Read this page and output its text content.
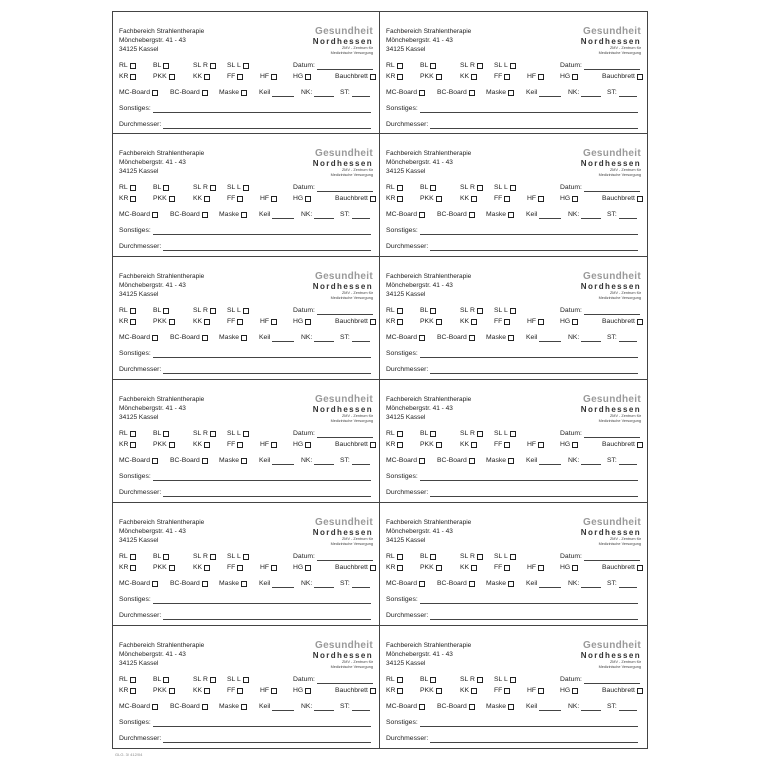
Fachbereich Strahlentherapie
Mönchebergstr. 41 - 43
34125 Kassel
Gesundheit
Nordhessen
ZMV - Zentrum für
Medizinische Versorgung
RL	BL	SL R	SL L	Datum:
KR	PKK	KK	FF	HF	HG	Bauchbrett
MC-Board	BC-Board	Maske	Keil	NK:	ST:
Sonstiges:
Durchmesser:
Fachbereich Strahlentherapie
Mönchebergstr. 41 - 43
34125 Kassel
Gesundheit
Nordhessen
ZMV - Zentrum für
Medizinische Versorgung
RL	BL	SL R	SL L	Datum:
KR	PKK	KK	FF	HF	HG	Bauchbrett
MC-Board	BC-Board	Maske	Keil	NK:	ST:
Sonstiges:
Durchmesser:
Fachbereich Strahlentherapie
Mönchebergstr. 41 - 43
34125 Kassel
Gesundheit
Nordhessen
ZMV - Zentrum für
Medizinische Versorgung
RL	BL	SL R	SL L	Datum:
KR	PKK	KK	FF	HF	HG	Bauchbrett
MC-Board	BC-Board	Maske	Keil	NK:	ST:
Sonstiges:
Durchmesser:
Fachbereich Strahlentherapie
Mönchebergstr. 41 - 43
34125 Kassel
Gesundheit
Nordhessen
ZMV - Zentrum für
Medizinische Versorgung
RL	BL	SL R	SL L	Datum:
KR	PKK	KK	FF	HF	HG	Bauchbrett
MC-Board	BC-Board	Maske	Keil	NK:	ST:
Sonstiges:
Durchmesser:
Fachbereich Strahlentherapie
Mönchebergstr. 41 - 43
34125 Kassel
Gesundheit
Nordhessen
ZMV - Zentrum für
Medizinische Versorgung
RL	BL	SL R	SL L	Datum:
KR	PKK	KK	FF	HF	HG	Bauchbrett
MC-Board	BC-Board	Maske	Keil	NK:	ST:
Sonstiges:
Durchmesser:
Fachbereich Strahlentherapie
Mönchebergstr. 41 - 43
34125 Kassel
Gesundheit
Nordhessen
ZMV - Zentrum für
Medizinische Versorgung
RL	BL	SL R	SL L	Datum:
KR	PKK	KK	FF	HF	HG	Bauchbrett
MC-Board	BC-Board	Maske	Keil	NK:	ST:
Sonstiges:
Durchmesser:
Fachbereich Strahlentherapie
Mönchebergstr. 41 - 43
34125 Kassel
Gesundheit
Nordhessen
ZMV - Zentrum für
Medizinische Versorgung
RL	BL	SL R	SL L	Datum:
KR	PKK	KK	FF	HF	HG	Bauchbrett
MC-Board	BC-Board	Maske	Keil	NK:	ST:
Sonstiges:
Durchmesser:
Fachbereich Strahlentherapie
Mönchebergstr. 41 - 43
34125 Kassel
Gesundheit
Nordhessen
ZMV - Zentrum für
Medizinische Versorgung
RL	BL	SL R	SL L	Datum:
KR	PKK	KK	FF	HF	HG	Bauchbrett
MC-Board	BC-Board	Maske	Keil	NK:	ST:
Sonstiges:
Durchmesser:
Fachbereich Strahlentherapie
Mönchebergstr. 41 - 43
34125 Kassel
Gesundheit
Nordhessen
ZMV - Zentrum für
Medizinische Versorgung
RL	BL	SL R	SL L	Datum:
KR	PKK	KK	FF	HF	HG	Bauchbrett
MC-Board	BC-Board	Maske	Keil	NK:	ST:
Sonstiges:
Durchmesser:
Fachbereich Strahlentherapie
Mönchebergstr. 41 - 43
34125 Kassel
Gesundheit
Nordhessen
ZMV - Zentrum für
Medizinische Versorgung
RL	BL	SL R	SL L	Datum:
KR	PKK	KK	FF	HF	HG	Bauchbrett
MC-Board	BC-Board	Maske	Keil	NK:	ST:
Sonstiges:
Durchmesser:
Fachbereich Strahlentherapie
Mönchebergstr. 41 - 43
34125 Kassel
Gesundheit
Nordhessen
ZMV - Zentrum für
Medizinische Versorgung
RL	BL	SL R	SL L	Datum:
KR	PKK	KK	FF	HF	HG	Bauchbrett
MC-Board	BC-Board	Maske	Keil	NK:	ST:
Sonstiges:
Durchmesser:
Fachbereich Strahlentherapie
Mönchebergstr. 41 - 43
34125 Kassel
Gesundheit
Nordhessen
ZMV - Zentrum für
Medizinische Versorgung
RL	BL	SL R	SL L	Datum:
KR	PKK	KK	FF	HF	HG	Bauchbrett
MC-Board	BC-Board	Maske	Keil	NK:	ST:
Sonstiges:
Durchmesser:
GLG. 3/ 412/04
